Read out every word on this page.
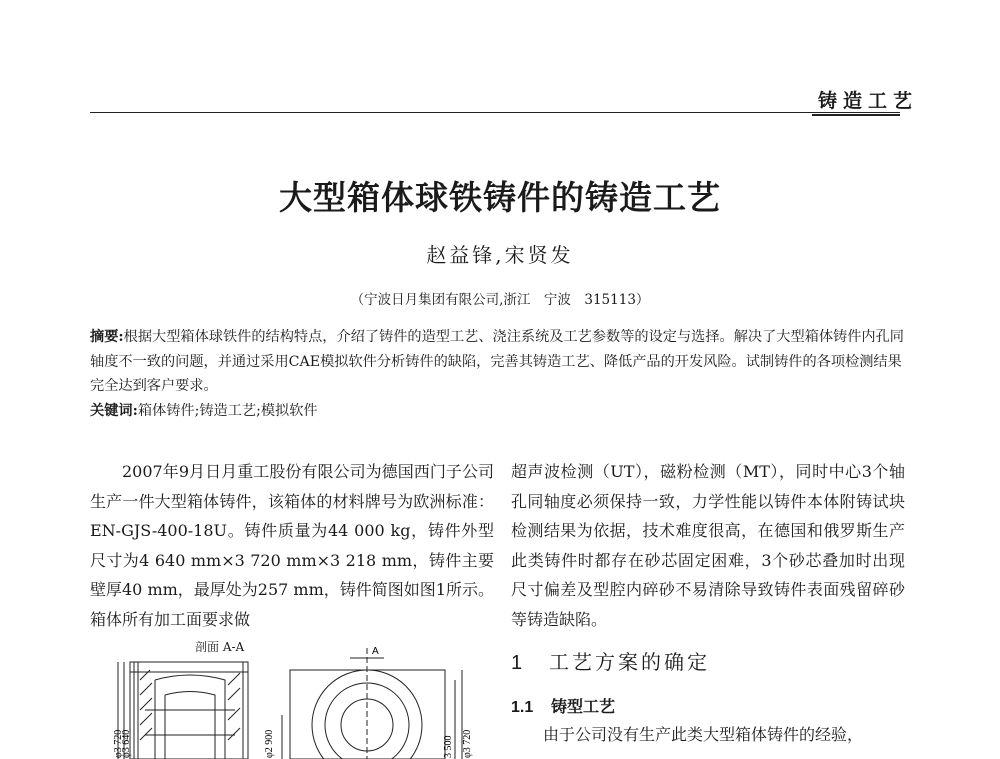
铸造工艺
大型箱体球铁铸件的铸造工艺
赵益锋,宋贤发
（宁波日月集团有限公司,浙江　宁波　315113）
摘要:根据大型箱体球铁件的结构特点，介绍了铸件的造型工艺、浇注系统及工艺参数等的设定与选择。解决了大型箱体铸件内孔同轴度不一致的问题，并通过采用CAE模拟软件分析铸件的缺陷，完善其铸造工艺、降低产品的开发风险。试制铸件的各项检测结果完全达到客户要求。
关键词:箱体铸件;铸造工艺;模拟软件
2007年9月日月重工股份有限公司为德国西门子公司生产一件大型箱体铸件，该箱体的材料牌号为欧洲标准：EN-GJS-400-18U。铸件质量为44 000 kg，铸件外型尺寸为4 640 mm×3 720 mm×3 218 mm，铸件主要壁厚40 mm，最厚处为257 mm，铸件简图如图1所示。箱体所有加工面要求做
超声波检测（UT），磁粉检测（MT），同时中心3个轴孔同轴度必须保持一致，力学性能以铸件本体附铸试块检测结果为依据，技术难度很高，在德国和俄罗斯生产此类铸件时都存在砂芯固定困难，3个砂芯叠加时出现尺寸偏差及型腔内碎砂不易清除导致铸件表面残留碎砂等铸造缺陷。
1 工艺方案的确定
1.1 铸型工艺
由于公司没有生产此类大型箱体铸件的经验，
剖面 A-A	A
φ3 720
φ3 640	φ2 900	3 500 φ3 720
